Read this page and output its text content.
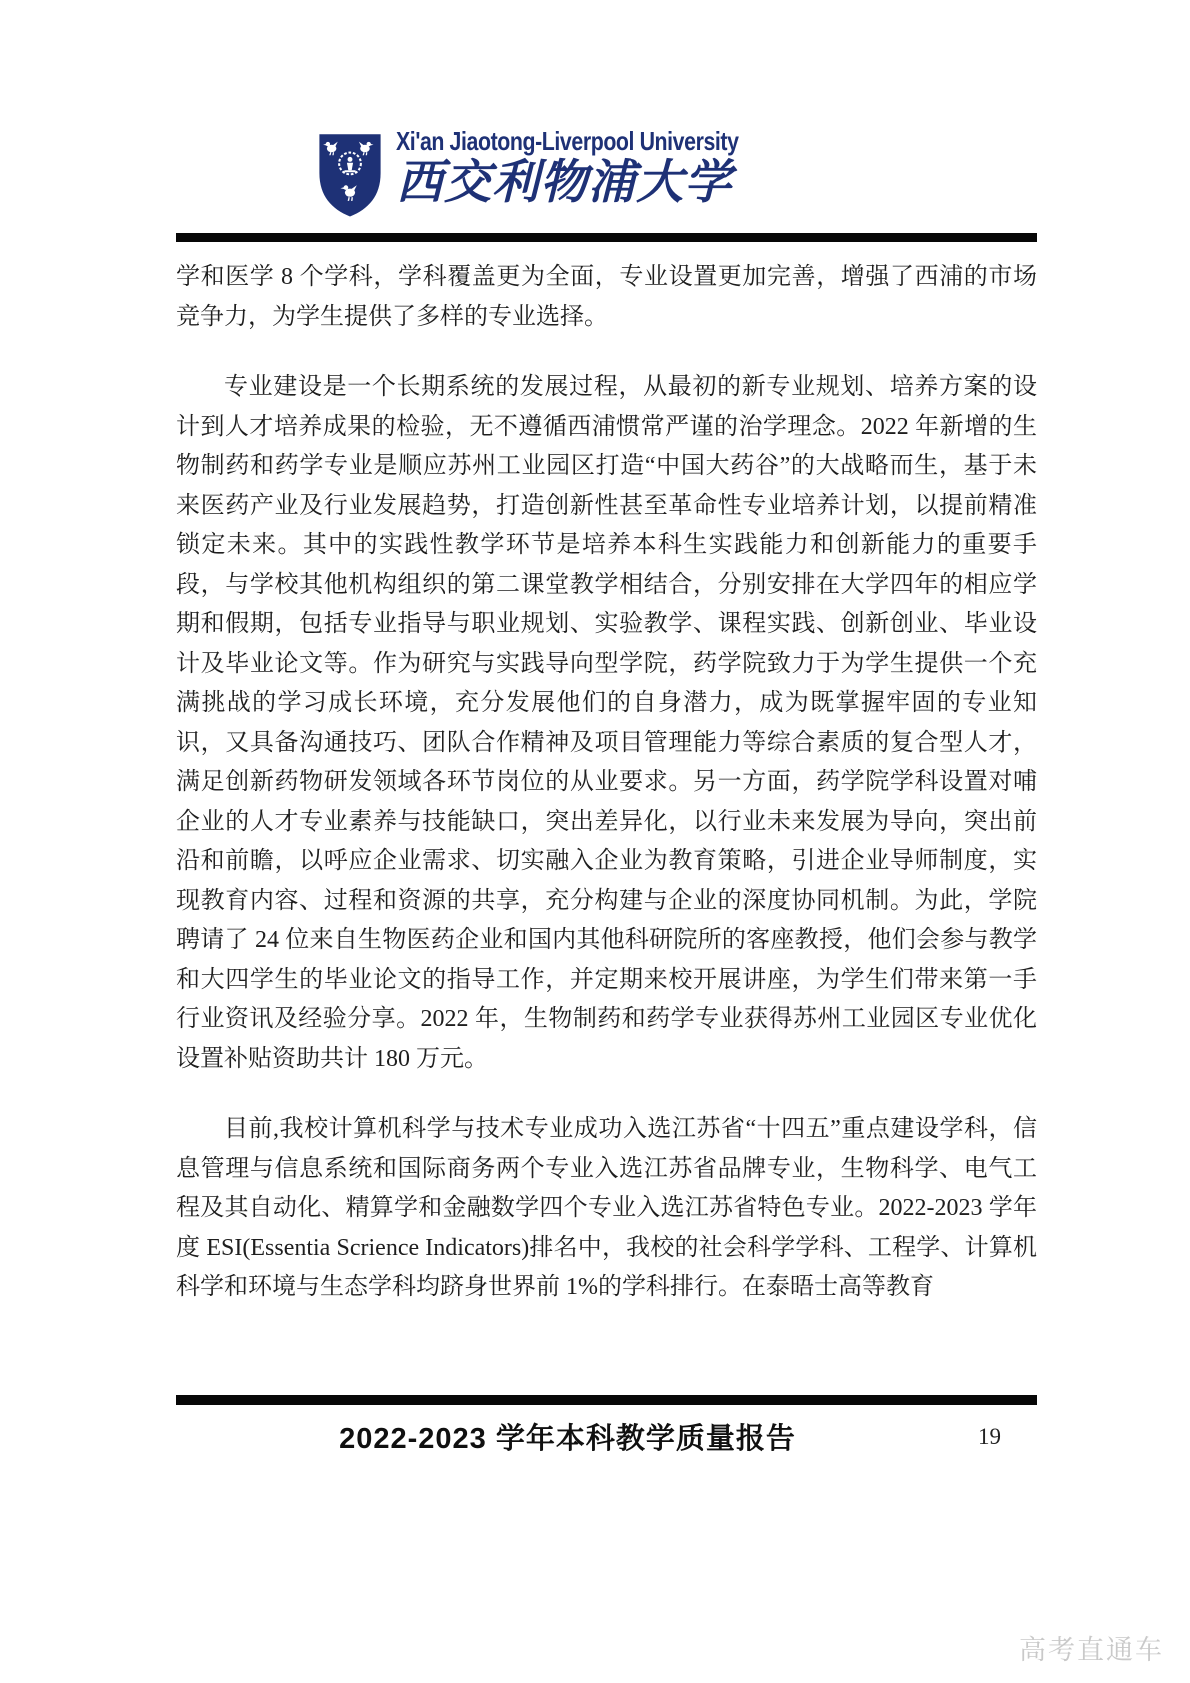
Xi'an Jiaotong-Liverpool University
西交利物浦大学

学和医学 8 个学科，学科覆盖更为全面，专业设置更加完善，增强了西浦的市场竞争力，为学生提供了多样的专业选择。

专业建设是一个长期系统的发展过程，从最初的新专业规划、培养方案的设计到人才培养成果的检验，无不遵循西浦惯常严谨的治学理念。2022 年新增的生物制药和药学专业是顺应苏州工业园区打造“中国大药谷”的大战略而生，基于未来医药产业及行业发展趋势，打造创新性甚至革命性专业培养计划，以提前精准锁定未来。其中的实践性教学环节是培养本科生实践能力和创新能力的重要手段，与学校其他机构组织的第二课堂教学相结合，分别安排在大学四年的相应学期和假期，包括专业指导与职业规划、实验教学、课程实践、创新创业、毕业设计及毕业论文等。作为研究与实践导向型学院，药学院致力于为学生提供一个充满挑战的学习成长环境，充分发展他们的自身潜力，成为既掌握牢固的专业知识，又具备沟通技巧、团队合作精神及项目管理能力等综合素质的复合型人才，满足创新药物研发领域各环节岗位的从业要求。另一方面，药学院学科设置对哺企业的人才专业素养与技能缺口，突出差异化，以行业未来发展为导向，突出前沿和前瞻，以呼应企业需求、切实融入企业为教育策略，引进企业导师制度，实现教育内容、过程和资源的共享，充分构建与企业的深度协同机制。为此，学院聘请了 24 位来自生物医药企业和国内其他科研院所的客座教授，他们会参与教学和大四学生的毕业论文的指导工作，并定期来校开展讲座，为学生们带来第一手行业资讯及经验分享。2022 年，生物制药和药学专业获得苏州工业园区专业优化设置补贴资助共计 180 万元。

目前,我校计算机科学与技术专业成功入选江苏省“十四五”重点建设学科，信息管理与信息系统和国际商务两个专业入选江苏省品牌专业，生物科学、电气工程及其自动化、精算学和金融数学四个专业入选江苏省特色专业。2022-2023 学年度 ESI(Essentia Scrience Indicators)排名中，我校的社会科学学科、工程学、计算机科学和环境与生态学科均跻身世界前 1%的学科排行。在泰晤士高等教育

2022-2023 学年本科教学质量报告	19
高考直通车
